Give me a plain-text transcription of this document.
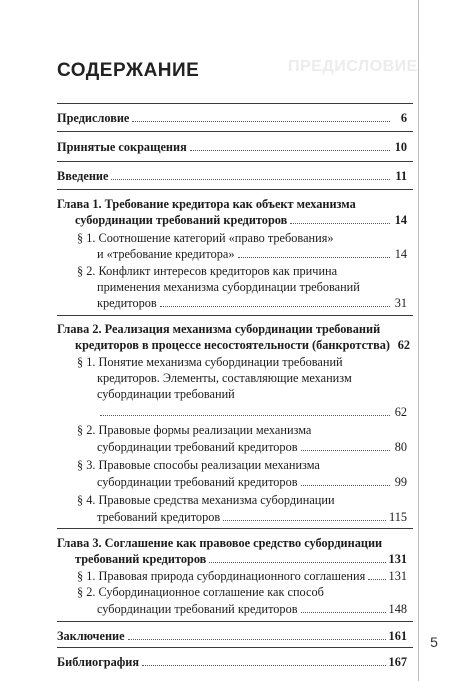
ПРЕДИСЛОВИЕ
СОДЕРЖАНИЕ
Предисловие	6
Принятые сокращения	10
Введение	11
Глава 1. Требование кредитора как объект механизма
субординации требований кредиторов	14
§ 1. Соотношение категорий «право требования»
и «требование кредитора»	14
§ 2. Конфликт интересов кредиторов как причина
применения механизма субординации требований
кредиторов	31
Глава 2. Реализация механизма субординации требований
кредиторов в процессе несостоятельности (банкротства) 62
§ 1. Понятие механизма субординации требований
кредиторов. Элементы, составляющие механизм
субординации требований
62
§ 2. Правовые формы реализации механизма
субординации требований кредиторов	80
§ 3. Правовые способы реализации механизма
субординации требований кредиторов	99
§ 4. Правовые средства механизма субординации
требований кредиторов	115
Глава 3. Соглашение как правовое средство субординации
требований кредиторов	131
§ 1. Правовая природа субординационного соглашения 131
§ 2. Субординационное соглашение как способ
субординации требований кредиторов	148
Заключение	161
Библиография	167
5
